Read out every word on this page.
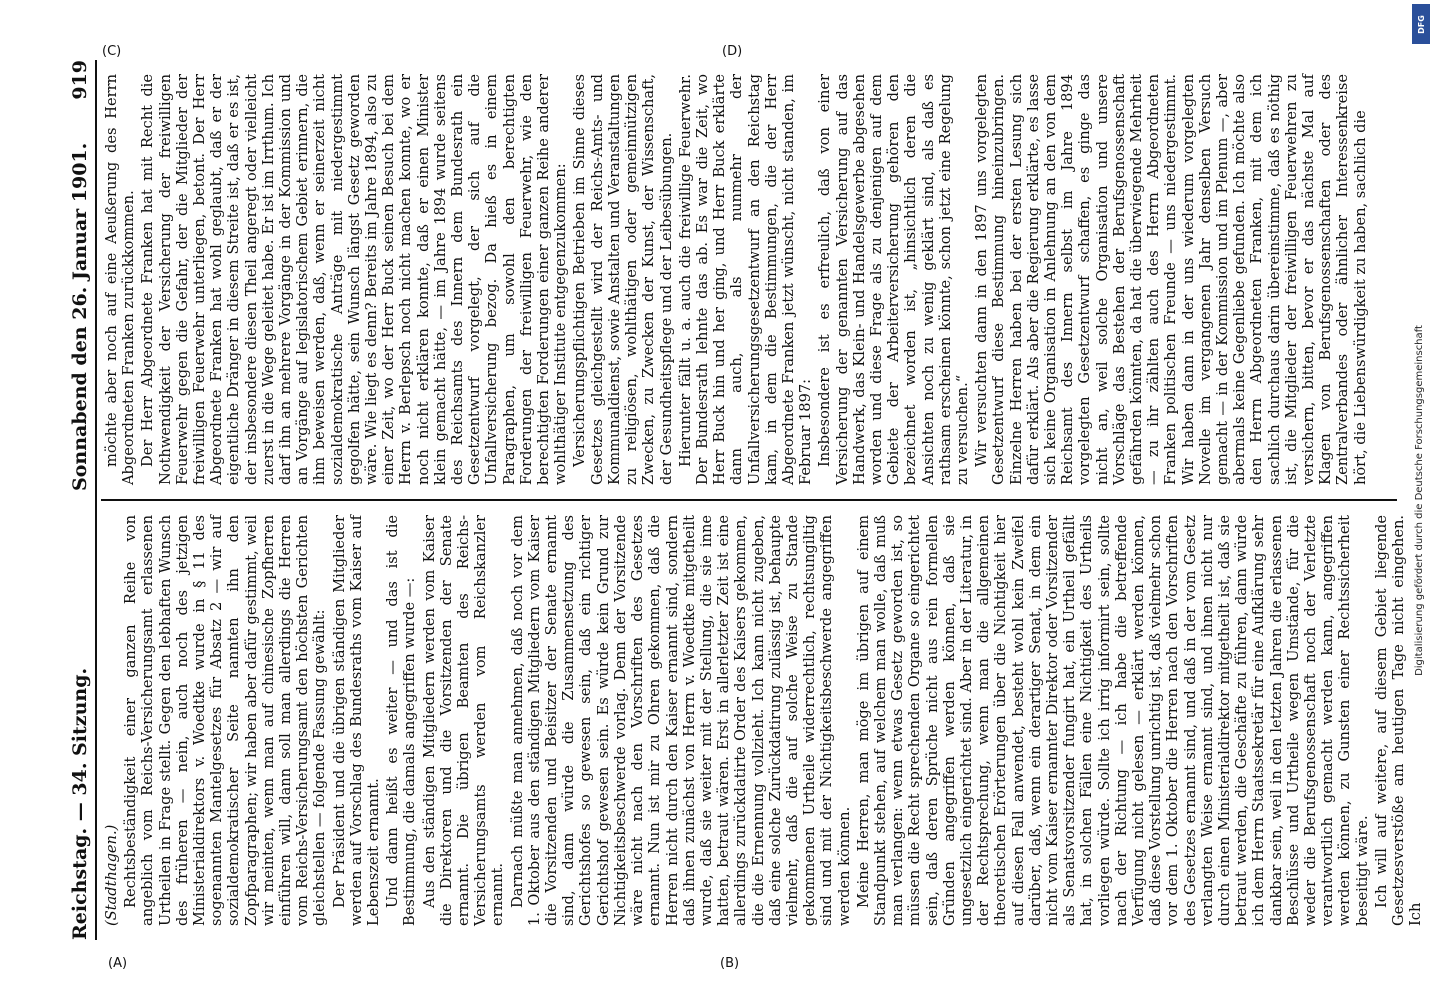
Reichstag. — 34. Sitzung.
Sonnabend den 26. Januar 1901.
919

(Stadthagen.) Rechtsbeständigkeit einer ganzen Reihe von angeblich vom Reichs-Versicherungsamt erlassenen Urtheilen in Frage stellt. Gegen den lebhaften Wunsch des früheren — nein, auch noch des jetzigen Ministerialdirektors v. Woedtke wurde in § 11 des sogenannten Mantelgesetzes für Absatz 2 — wir auf sozialdemokratischer Seite nannten ihn den Zopfparagraphen; wir haben aber dafür gestimmt, weil wir meinten, wenn man auf chinesische Zopfherren einführen will, dann soll man allerdings die Herren vom Reichs-Versicherungsamt den höchsten Gerichten gleichstellen — folgende Fassung gewählt: Der Präsident und die übrigen ständigen Mitglieder werden auf Vorschlag des Bundesraths vom Kaiser auf Lebenszeit ernannt. Und dann heißt es weiter — und das ist die Bestimmung, die damals angegriffen wurde —: Aus den ständigen Mitgliedern werden vom Kaiser die Direktoren und die Vorsitzenden der Senate ernannt. Die übrigen Beamten des Reichs-Versicherungsamts werden vom Reichskanzler ernannt. Darnach müßte man annehmen, daß noch vor dem 1. Oktober aus den ständigen Mitgliedern vom Kaiser die Vorsitzenden und Beisitzer der Senate ernannt sind, dann würde die Zusammensetzung des Gerichtshofes so gewesen sein, daß ein richtiger Gerichtshof gewesen sein. Es würde kein Grund zur Nichtigkeitsbeschwerde vorlag. Denn der Vorsitzende wäre nicht nach den Vorschriften des Gesetzes ernannt. Nun ist mir zu Ohren gekommen, daß die Herren nicht durch den Kaiser ernannt sind, sondern daß ihnen zunächst von Herrn v. Woedtke mitgetheilt wurde, daß sie weiter mit der Stellung, die sie inne hatten, betraut wären. Erst in allerletzter Zeit ist eine allerdings zurückdatirte Order des Kaisers gekommen, die die Ernennung vollzieht. Ich kann nicht zugeben, daß eine solche Zurückdatirung zulässig ist, behaupte vielmehr, daß die auf solche Weise zu Stande gekommenen Urtheile widerrechtlich, rechtsungiltig sind und mit der Nichtigkeitsbeschwerde angegriffen werden können. Meine Herren, man möge im übrigen auf einem Standpunkt stehen, auf welchem man wolle, daß muß man verlangen: wenn etwas Gesetz geworden ist, so müssen die Recht sprechenden Organe so eingerichtet sein, daß deren Sprüche nicht aus rein formellen Gründen angegriffen werden können, daß sie ungesetzlich eingerichtet sind. Aber in der Literatur, in der Rechtsprechung, wenn man die allgemeinen theoretischen Erörterungen über die Nichtigkeit hier auf diesen Fall anwendet, besteht wohl kein Zweifel darüber, daß, wenn ein derartiger Senat, in dem ein nicht vom Kaiser ernannter Direktor oder Vorsitzender als Senatsvorsitzender fungirt hat, ein Urtheil gefällt hat, in solchen Fällen eine Nichtigkeit des Urtheils vorliegen würde. Sollte ich irrig informirt sein, sollte nach der Richtung — ich habe die betreffende Verfügung nicht gelesen — erklärt werden können, daß diese Vorstellung unrichtig ist, daß vielmehr schon vor dem 1. Oktober die Herren nach den Vorschriften des Gesetzes ernannt sind, und daß in der vom Gesetz verlangten Weise ernannt sind, und ihnen nicht nur durch einen Ministerialdirektor mitgetheilt ist, daß sie betraut werden, die Geschäfte zu führen, dann würde ich dem Herrn Staatssekretär für eine Aufklärung sehr dankbar sein, weil in den letzten Jahren die erlassenen Beschlüsse und Urtheile wegen Umstände, für die weder die Berufsgenossenschaft noch der Verletzte verantwortlich gemacht werden kann, angegriffen werden können, zu Gunsten einer Rechtssicherheit beseitigt wäre. Ich will auf weitere, auf diesem Gebiet liegende Gesetzesverstöße am heutigen Tage nicht eingehen. Ich

möchte aber noch auf eine Aeußerung des Herrn Abgeordneten Franken zurückkommen. Der Herr Abgeordnete Franken hat mit Recht die Nothwendigkeit der Versicherung der freiwilligen Feuerwehr gegen die Gefahr, der die Mitglieder der freiwilligen Feuerwehr unterliegen, betont. Der Herr Abgeordnete Franken hat wohl geglaubt, daß er der eigentliche Dränger in diesem Streite ist, daß er es ist, der insbesondere diesen Theil angeregt oder vielleicht zuerst in die Wege geleitet habe. Er ist im Irrthum. Ich darf ihn an mehrere Vorgänge in der Kommission und an Vorgänge auf legislatorischem Gebiet erinnern, die ihm beweisen werden, daß, wenn er seinerzeit nicht sozialdemokratische Anträge mit niedergestimmt gegolfen hätte, sein Wunsch längst Gesetz geworden wäre. Wie liegt es denn? Bereits im Jahre 1894, also zu einer Zeit, wo der Herr Buck seinen Besuch bei dem Herrn v. Berlepsch noch nicht machen konnte, wo er noch nicht erklären konnte, daß er einen Minister klein gemacht hätte, — im Jahre 1894 wurde seitens des Reichsamts des Innern dem Bundesrath ein Gesetzentwurf vorgelegt, der sich auf die Unfallversicherung bezog. Da hieß es in einem Paragraphen, um sowohl den berechtigten Forderungen der freiwilligen Feuerwehr, wie den berechtigten Forderungen einer ganzen Reihe anderer wohlthätiger Institute entgegenzukommen: Versicherungspflichtigen Betrieben im Sinne dieses Gesetzes gleichgestellt wird der Reichs-Amts- und Kommunaldienst, sowie Anstalten und Veranstaltungen zu religiösen, wohlthätigen oder gemeinnützigen Zwecken, zu Zwecken der Kunst, der Wissenschaft, der Gesundheitspflege und der Leibesübungen. Hierunter fällt u. a. auch die freiwillige Feuerwehr. Der Bundesrath lehnte das ab. Es war die Zeit, wo Herr Buck hin und her ging, und Herr Buck erklärte dann auch, als nunmehr der Unfallversicherungsgesetzentwurf an den Reichstag kam, in dem die Bestimmungen, die der Herr Abgeordnete Franken jetzt wünscht, nicht standen, im Februar 1897: Insbesondere ist es erfreulich, daß von einer Versicherung der genannten Versicherung auf das Handwerk, das Klein- und Handelsgewerbe abgesehen worden und diese Frage als zu denjenigen auf dem Gebiete der Arbeiterversicherung gehören den bezeichnet worden ist, „hinsichtlich deren die Ansichten noch zu wenig geklärt sind, als daß es rathsam erscheinen könnte, schon jetzt eine Regelung zu versuchen.“ Wir versuchten dann in den 1897 uns vorgelegten Gesetzentwurf diese Bestimmung hineinzubringen. Einzelne Herren haben bei der ersten Lesung sich dafür erklärt. Als aber die Regierung erklärte, es lasse sich keine Organisation in Anlehnung an den von dem Reichsamt des Innern selbst im Jahre 1894 vorgelegten Gesetzentwurf schaffen, es ginge das nicht an, weil solche Organisation und unsere Vorschläge das Bestehen der Berufsgenossenschaft gefährden könnten, da hat die überwiegende Mehrheit — zu ihr zählten auch des Herrn Abgeordneten Franken politischen Freunde — uns niedergestimmt. Wir haben dann in der uns wiederum vorgelegten Novelle im vergangenen Jahr denselben Versuch gemacht — in der Kommission und im Plenum —, aber abermals keine Gegenliebe gefunden. Ich möchte also den Herrn Abgeordneten Franken, mit dem ich sachlich durchaus darin übereinstimme, daß es nöthig ist, die Mitglieder der freiwilligen Feuerwehren zu versichern, bitten, bevor er das nächste Mal auf Klagen von Berufsgenossenschaften oder des Zentralverbandes oder ähnlicher Interessenkreise hört, die Liebenswürdigkeit zu haben, sachlich die

(A)	(B)
(C)	(D)
DFG
Digitalisierung gefördert durch die Deutsche Forschungsgemeinschaft
